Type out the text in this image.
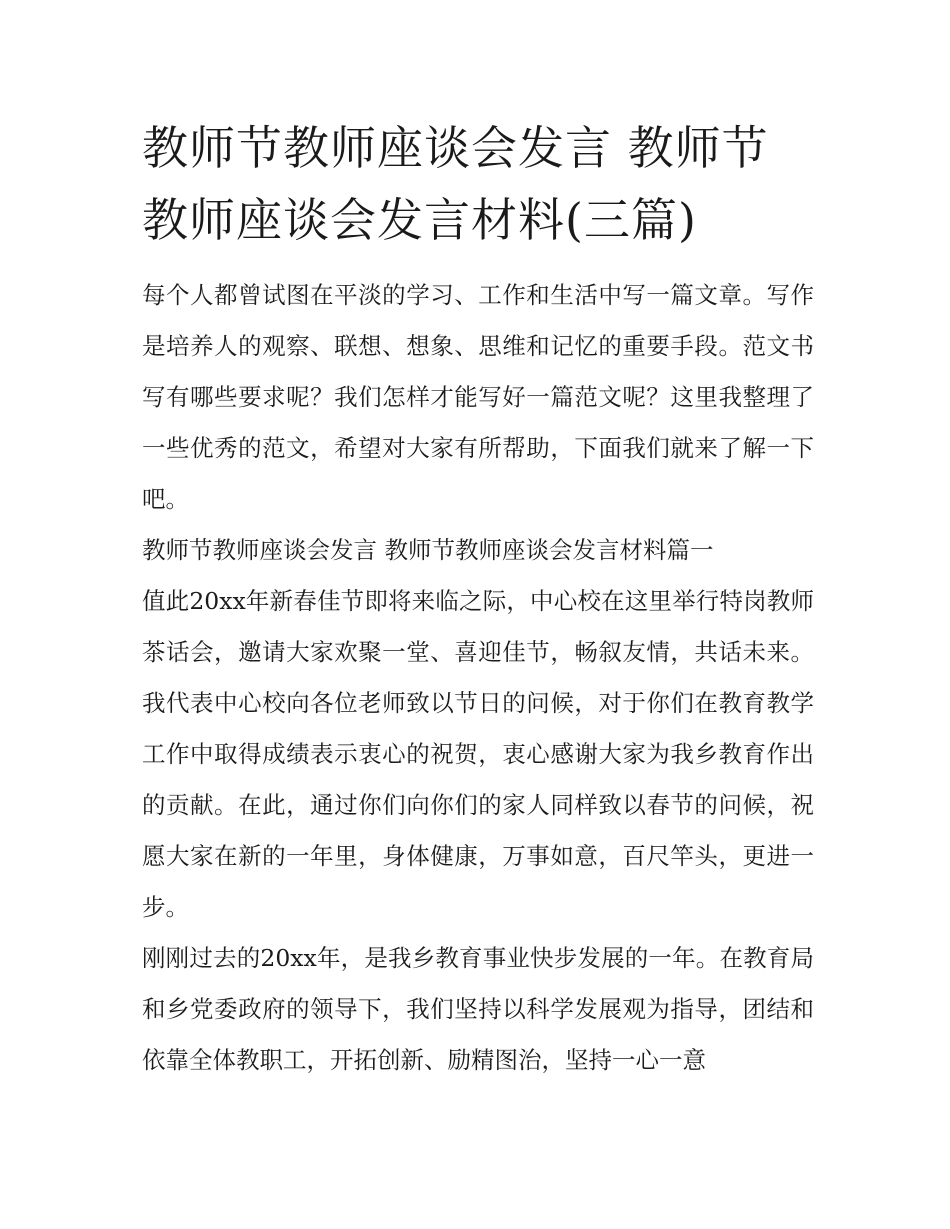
教师节教师座谈会发言 教师节教师座谈会发言材料(三篇)

每个人都曾试图在平淡的学习、工作和生活中写一篇文章。写作是培养人的观察、联想、想象、思维和记忆的重要手段。范文书写有哪些要求呢？我们怎样才能写好一篇范文呢？这里我整理了一些优秀的范文，希望对大家有所帮助，下面我们就来了解一下吧。

教师节教师座谈会发言 教师节教师座谈会发言材料篇一

值此20xx年新春佳节即将来临之际，中心校在这里举行特岗教师茶话会，邀请大家欢聚一堂、喜迎佳节，畅叙友情，共话未来。我代表中心校向各位老师致以节日的问候，对于你们在教育教学工作中取得成绩表示衷心的祝贺，衷心感谢大家为我乡教育作出的贡献。在此，通过你们向你们的家人同样致以春节的问候，祝愿大家在新的一年里，身体健康，万事如意，百尺竿头，更进一步。

刚刚过去的20xx年，是我乡教育事业快步发展的一年。在教育局和乡党委政府的领导下，我们坚持以科学发展观为指导，团结和依靠全体教职工，开拓创新、励精图治，坚持一心一意
